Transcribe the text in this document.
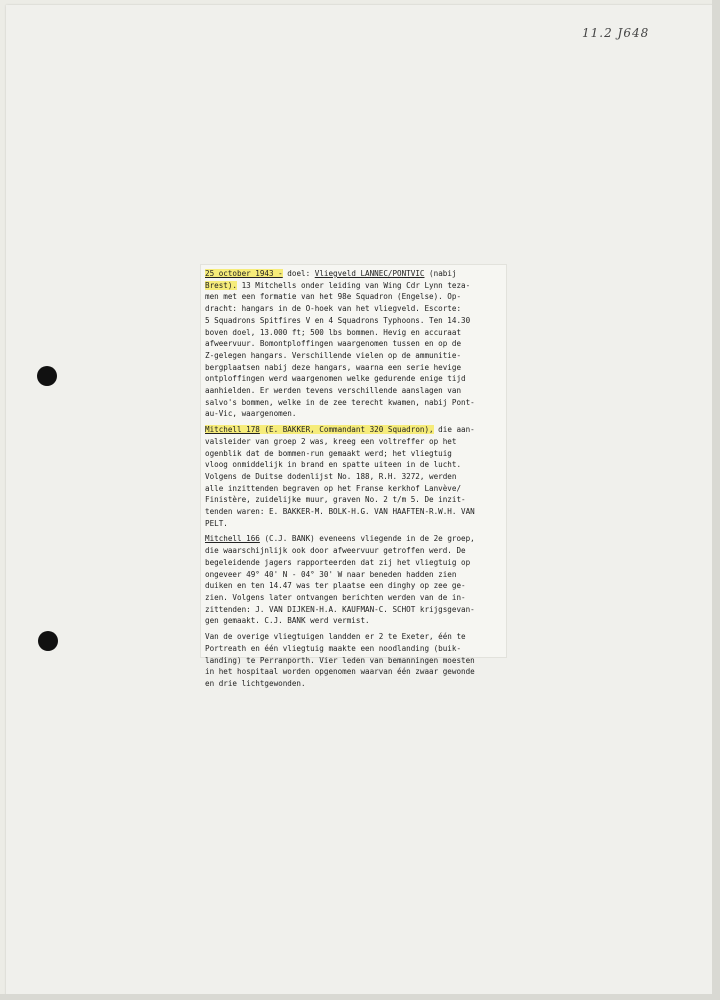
11.2 J648
25 october 1943 - doel: Vliegveld LANNEC/PONTVIC (nabij
Brest). 13 Mitchells onder leiding van Wing Cdr Lynn teza-
men met een formatie van het 98e Squadron (Engelse). Op-
dracht: hangars in de O-hoek van het vliegveld. Escorte:
5 Squadrons Spitfires V en 4 Squadrons Typhoons. Ten 14.30
boven doel, 13.000 ft; 500 lbs bommen. Hevig en accuraat
afweervuur. Bomontploffingen waargenomen tussen en op de
Z-gelegen hangars. Verschillende vielen op de ammunitie-
bergplaatsen nabij deze hangars, waarna een serie hevige
ontploffingen werd waargenomen welke gedurende enige tijd
aanhielden. Er werden tevens verschillende aanslagen van
salvo's bommen, welke in de zee terecht kwamen, nabij Pont-
au-Vic, waargenomen.
Mitchell 178 (E. BAKKER, Commandant 320 Squadron), die aan-
valsleider van groep 2 was, kreeg een voltreffer op het
ogenblik dat de bommen-run gemaakt werd; het vliegtuig
vloog onmiddelijk in brand en spatte uiteen in de lucht.
Volgens de Duitse dodenlijst No. 188, R.H. 3272, werden
alle inzittenden begraven op het Franse kerkhof Lanvève/
Finistère, zuidelijke muur, graven No. 2 t/m 5. De inzit-
tenden waren: E. BAKKER-M. BOLK-H.G. VAN HAAFTEN-R.W.H. VAN
PELT.
Mitchell 166 (C.J. BANK) eveneens vliegende in de 2e groep,
die waarschijnlijk ook door afweervuur getroffen werd. De
begeleidende jagers rapporteerden dat zij het vliegtuig op
ongeveer 49° 40' N - 04° 30' W naar beneden hadden zien
duiken en ten 14.47 was ter plaatse een dinghy op zee ge-
zien. Volgens later ontvangen berichten werden van de in-
zittenden: J. VAN DIJKEN-H.A. KAUFMAN-C. SCHOT krijgsgevan-
gen gemaakt. C.J. BANK werd vermist.
Van de overige vliegtuigen landden er 2 te Exeter, één te
Portreath en één vliegtuig maakte een noodlanding (buik-
landing) te Perranporth. Vier leden van bemanningen moesten
in het hospitaal worden opgenomen waarvan één zwaar gewonde
en drie lichtgewonden.
